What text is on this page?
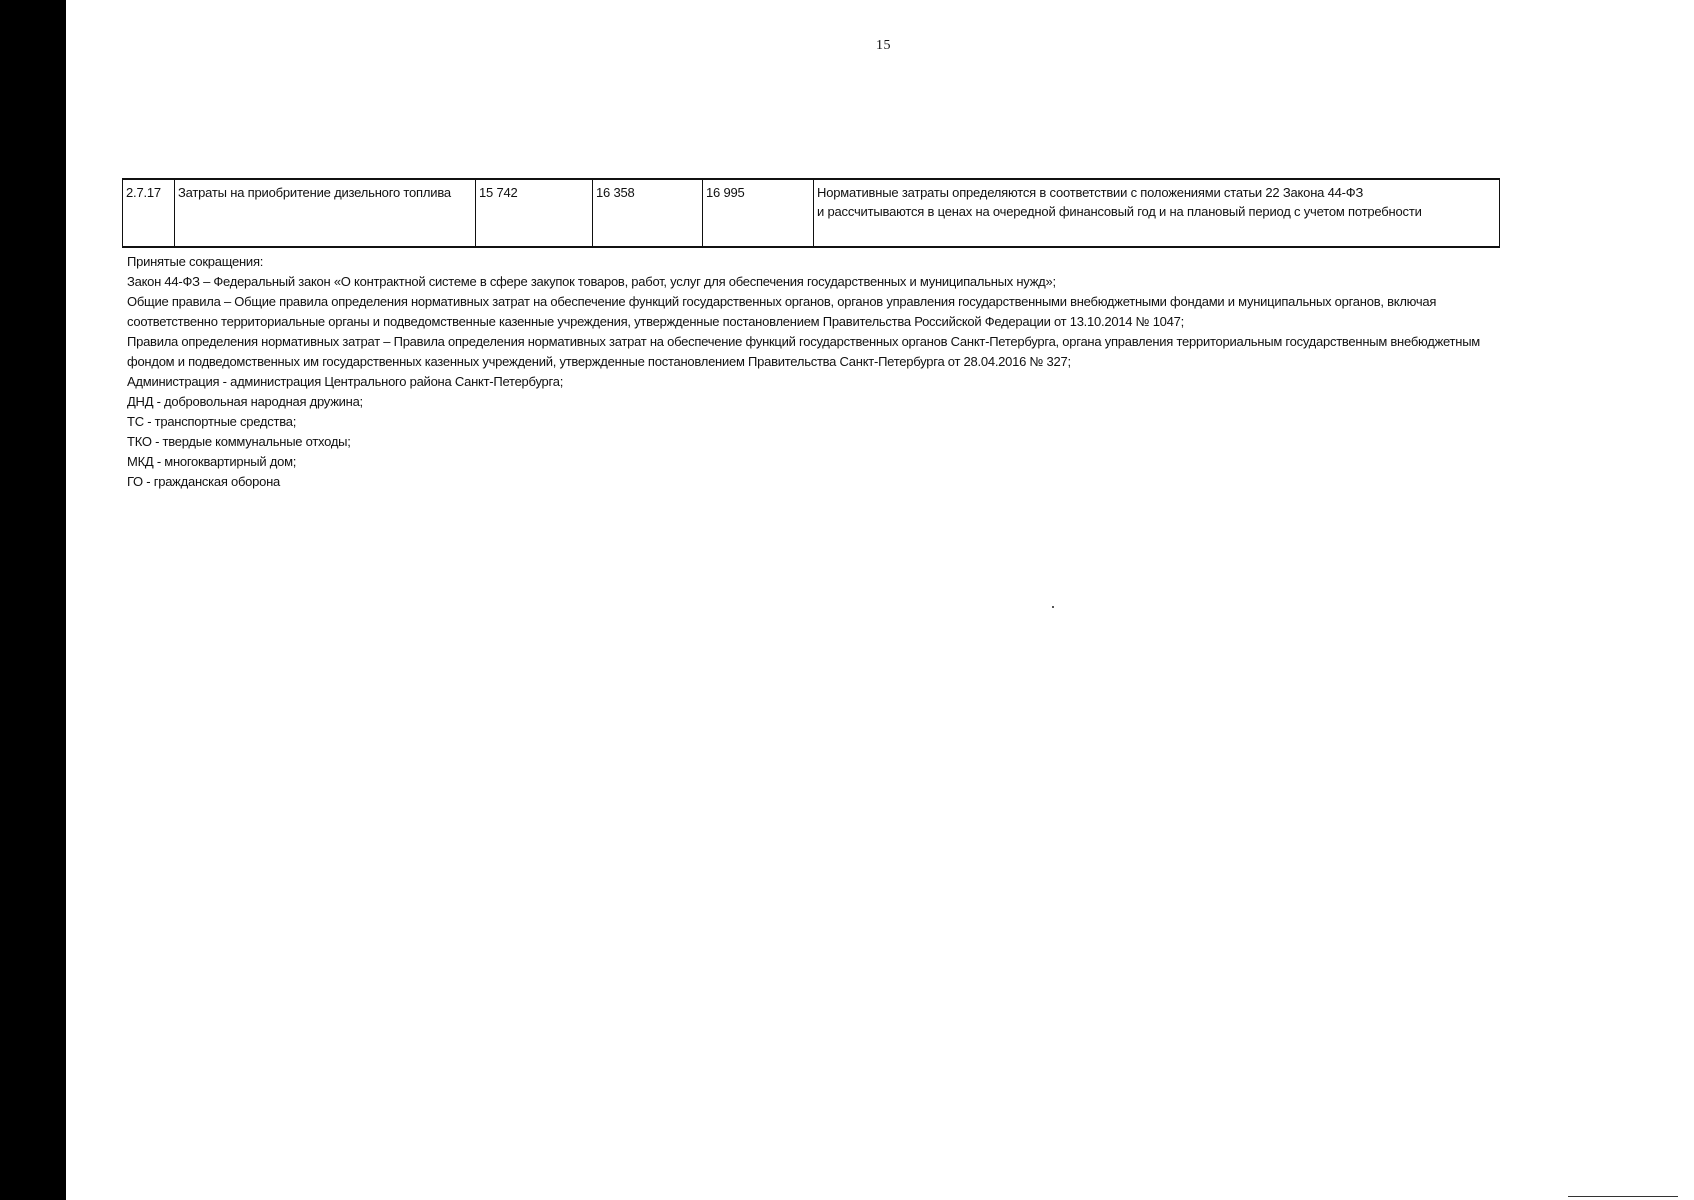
15
2.7.17	Затраты на приобритение дизельного топлива	15 742	16 358	16 995	Нормативные затраты определяются в соответствии с положениями статьи 22 Закона 44-ФЗ
и рассчитываются в ценах на очередной финансовый год и на плановый период с учетом потребности

Принятые сокращения:

Закон 44-ФЗ – Федеральный закон «О контрактной системе в сфере закупок товаров, работ, услуг для обеспечения государственных и муниципальных нужд»;

Общие правила – Общие правила определения нормативных затрат на обеспечение функций государственных органов, органов управления государственными внебюджетными фондами и муниципальных органов, включая соответственно территориальные органы и подведомственные казенные учреждения, утвержденные постановлением Правительства Российской Федерации от 13.10.2014 № 1047;

Правила определения нормативных затрат – Правила определения нормативных затрат на обеспечение функций государственных органов Санкт-Петербурга, органа управления территориальным государственным внебюджетным фондом и подведомственных им государственных казенных учреждений, утвержденные постановлением Правительства Санкт-Петербурга от 28.04.2016 № 327;

Администрация - администрация Центрального района Санкт-Петербурга;

ДНД - добровольная народная дружина;

ТС - транспортные средства;

ТКО - твердые коммунальные отходы;

МКД - многоквартирный дом;

ГО - гражданская оборона
